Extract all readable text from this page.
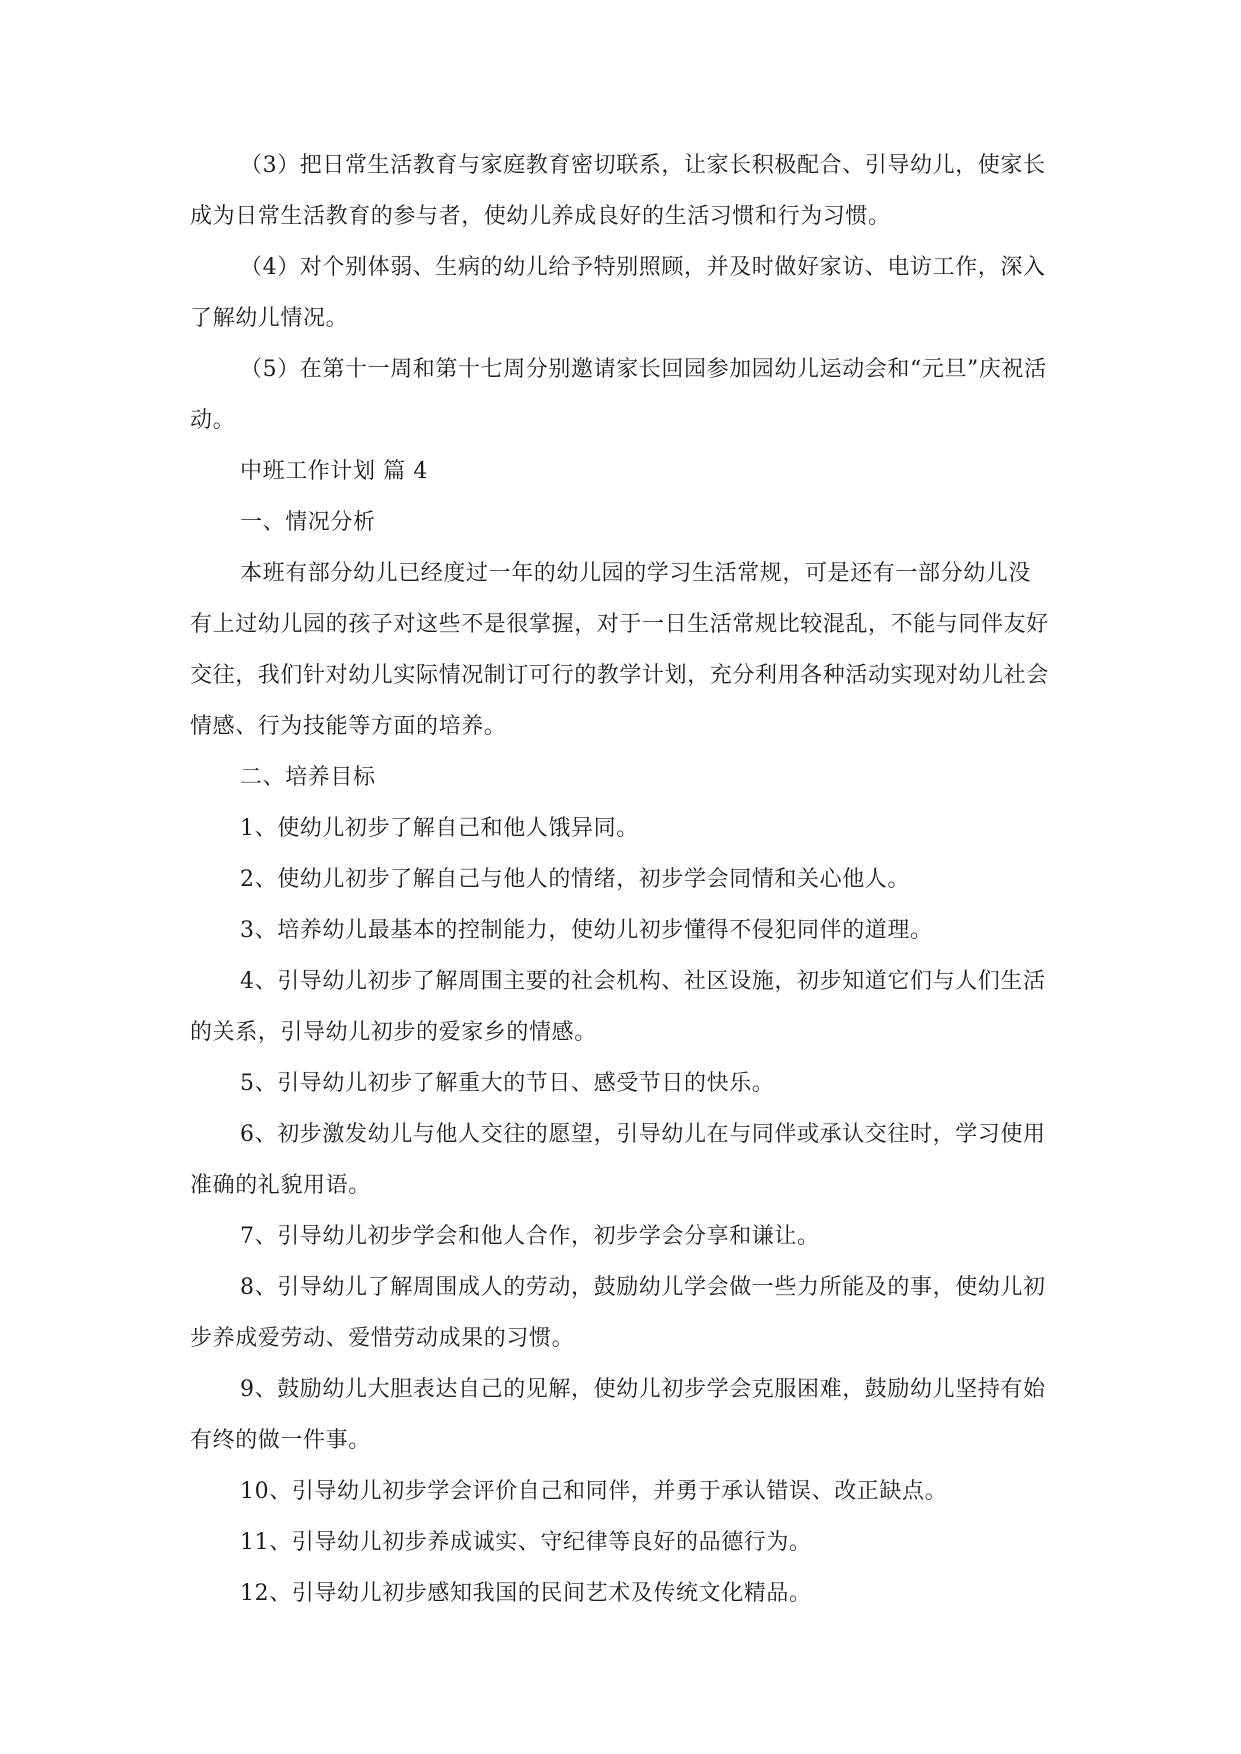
（3）把日常生活教育与家庭教育密切联系，让家长积极配合、引导幼儿，使家长成为日常生活教育的参与者，使幼儿养成良好的生活习惯和行为习惯。

（4）对个别体弱、生病的幼儿给予特别照顾，并及时做好家访、电访工作，深入了解幼儿情况。

（5）在第十一周和第十七周分别邀请家长回园参加园幼儿运动会和“元旦”庆祝活动。

中班工作计划 篇 4

一、情况分析

本班有部分幼儿已经度过一年的幼儿园的学习生活常规，可是还有一部分幼儿没有上过幼儿园的孩子对这些不是很掌握，对于一日生活常规比较混乱，不能与同伴友好交往，我们针对幼儿实际情况制订可行的教学计划，充分利用各种活动实现对幼儿社会情感、行为技能等方面的培养。

二、培养目标

1、使幼儿初步了解自己和他人饿异同。

2、使幼儿初步了解自己与他人的情绪，初步学会同情和关心他人。

3、培养幼儿最基本的控制能力，使幼儿初步懂得不侵犯同伴的道理。

4、引导幼儿初步了解周围主要的社会机构、社区设施，初步知道它们与人们生活的关系，引导幼儿初步的爱家乡的情感。

5、引导幼儿初步了解重大的节日、感受节日的快乐。

6、初步激发幼儿与他人交往的愿望，引导幼儿在与同伴或承认交往时，学习使用准确的礼貌用语。

7、引导幼儿初步学会和他人合作，初步学会分享和谦让。

8、引导幼儿了解周围成人的劳动，鼓励幼儿学会做一些力所能及的事，使幼儿初步养成爱劳动、爱惜劳动成果的习惯。

9、鼓励幼儿大胆表达自己的见解，使幼儿初步学会克服困难，鼓励幼儿坚持有始有终的做一件事。

10、引导幼儿初步学会评价自己和同伴，并勇于承认错误、改正缺点。

11、引导幼儿初步养成诚实、守纪律等良好的品德行为。

12、引导幼儿初步感知我国的民间艺术及传统文化精品。
